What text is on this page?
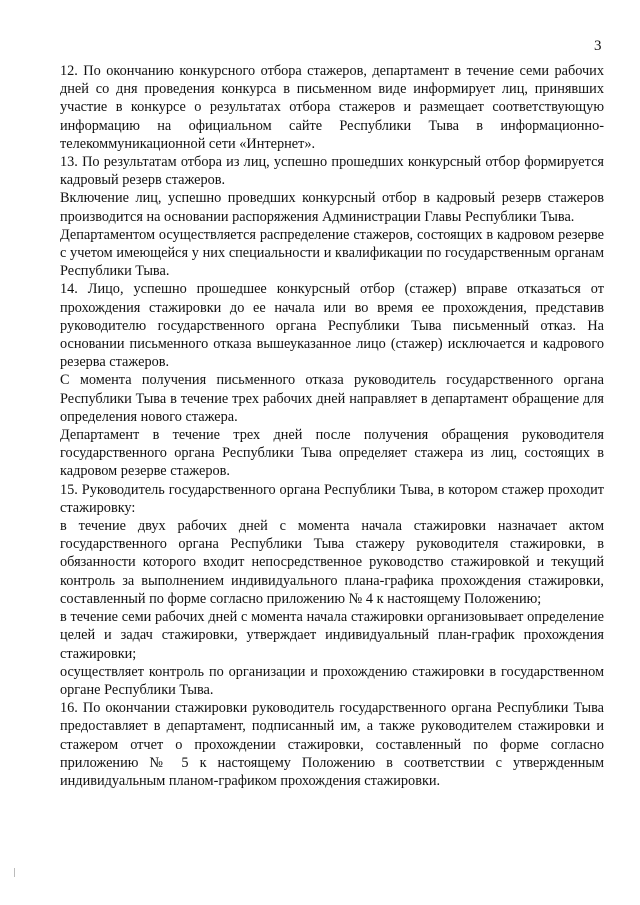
3

12. По окончанию конкурсного отбора стажеров, департамент в течение семи рабочих дней со дня проведения конкурса в письменном виде информирует лиц, принявших участие в конкурсе о результатах отбора стажеров и размещает соответствующую информацию на официальном сайте Республики Тыва в информационно-телекоммуникационной сети «Интернет».

13. По результатам отбора из лиц, успешно прошедших конкурсный отбор формируется кадровый резерв стажеров.

Включение лиц, успешно проведших конкурсный отбор в кадровый резерв стажеров производится на основании распоряжения Администрации Главы Республики Тыва.

Департаментом осуществляется распределение стажеров, состоящих в кадровом резерве с учетом имеющейся у них специальности и квалификации по государственным органам Республики Тыва.

14. Лицо, успешно прошедшее конкурсный отбор (стажер) вправе отказаться от прохождения стажировки до ее начала или во время ее прохождения, представив руководителю государственного органа Республики Тыва письменный отказ. На основании письменного отказа вышеуказанное лицо (стажер) исключается и кадрового резерва стажеров.

С момента получения письменного отказа руководитель государственного органа Республики Тыва в течение трех рабочих дней направляет в департамент обращение для определения нового стажера.

Департамент в течение трех дней после получения обращения руководителя государственного органа Республики Тыва определяет стажера из лиц, состоящих в кадровом резерве стажеров.

15. Руководитель государственного органа Республики Тыва, в котором стажер проходит стажировку:

в течение двух рабочих дней с момента начала стажировки назначает актом государственного органа Республики Тыва стажеру руководителя стажировки, в обязанности которого входит непосредственное руководство стажировкой и текущий контроль за выполнением индивидуального плана-графика прохождения стажировки, составленный по форме согласно приложению № 4 к настоящему Положению;

в течение семи рабочих дней с момента начала стажировки организовывает определение целей и задач стажировки, утверждает индивидуальный план-график прохождения стажировки;

осуществляет контроль по организации и прохождению стажировки в государственном органе Республики Тыва.

16. По окончании стажировки руководитель государственного органа Республики Тыва предоставляет в департамент, подписанный им, а также руководителем стажировки и стажером отчет о прохождении стажировки, составленный по форме согласно приложению № 5 к настоящему Положению в соответствии с утвержденным индивидуальным планом-графиком прохождения стажировки.
